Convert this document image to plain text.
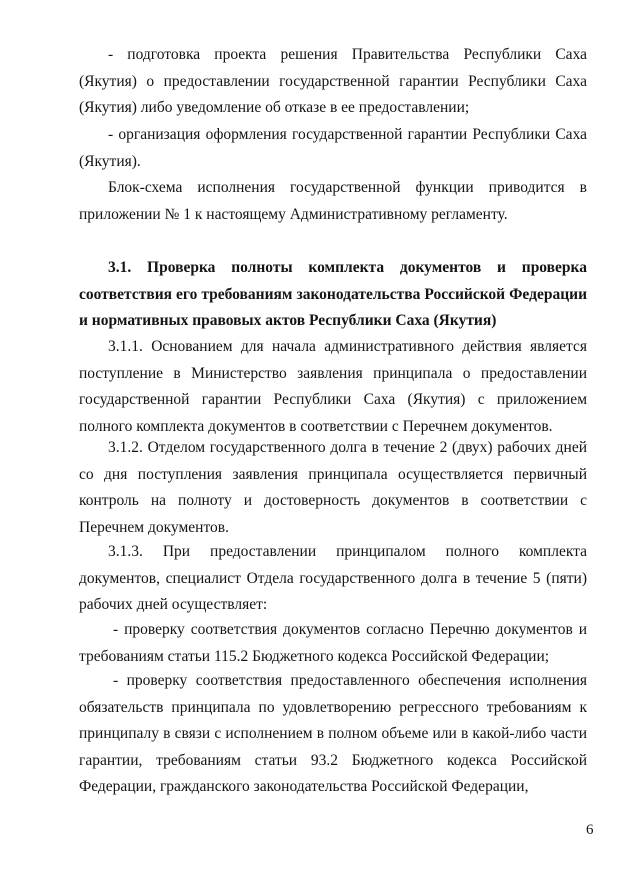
- подготовка проекта решения Правительства Республики Саха (Якутия) о предоставлении государственной гарантии Республики Саха (Якутия) либо уведомление об отказе в ее предоставлении;

- организация оформления государственной гарантии Республики Саха (Якутия).

Блок-схема исполнения государственной функции приводится в приложении № 1 к настоящему Административному регламенту.

3.1. Проверка полноты комплекта документов и проверка соответствия его требованиям законодательства Российской Федерации и нормативных правовых актов Республики Саха (Якутия)

3.1.1. Основанием для начала административного действия является поступление в Министерство заявления принципала о предоставлении государственной гарантии Республики Саха (Якутия) с приложением полного комплекта документов в соответствии с Перечнем документов.

3.1.2. Отделом государственного долга в течение 2 (двух) рабочих дней со дня поступления заявления принципала осуществляется первичный контроль на полноту и достоверность документов в соответствии с Перечнем документов.

3.1.3. При предоставлении принципалом полного комплекта документов, специалист Отдела государственного долга в течение 5 (пяти) рабочих дней осуществляет:

- проверку соответствия документов согласно Перечню документов и требованиям статьи 115.2 Бюджетного кодекса Российской Федерации;

- проверку соответствия предоставленного обеспечения исполнения обязательств принципала по удовлетворению регрессного требованиям к принципалу в связи с исполнением в полном объеме или в какой-либо части гарантии, требованиям статьи 93.2 Бюджетного кодекса Российской Федерации, гражданского законодательства Российской Федерации,

6
